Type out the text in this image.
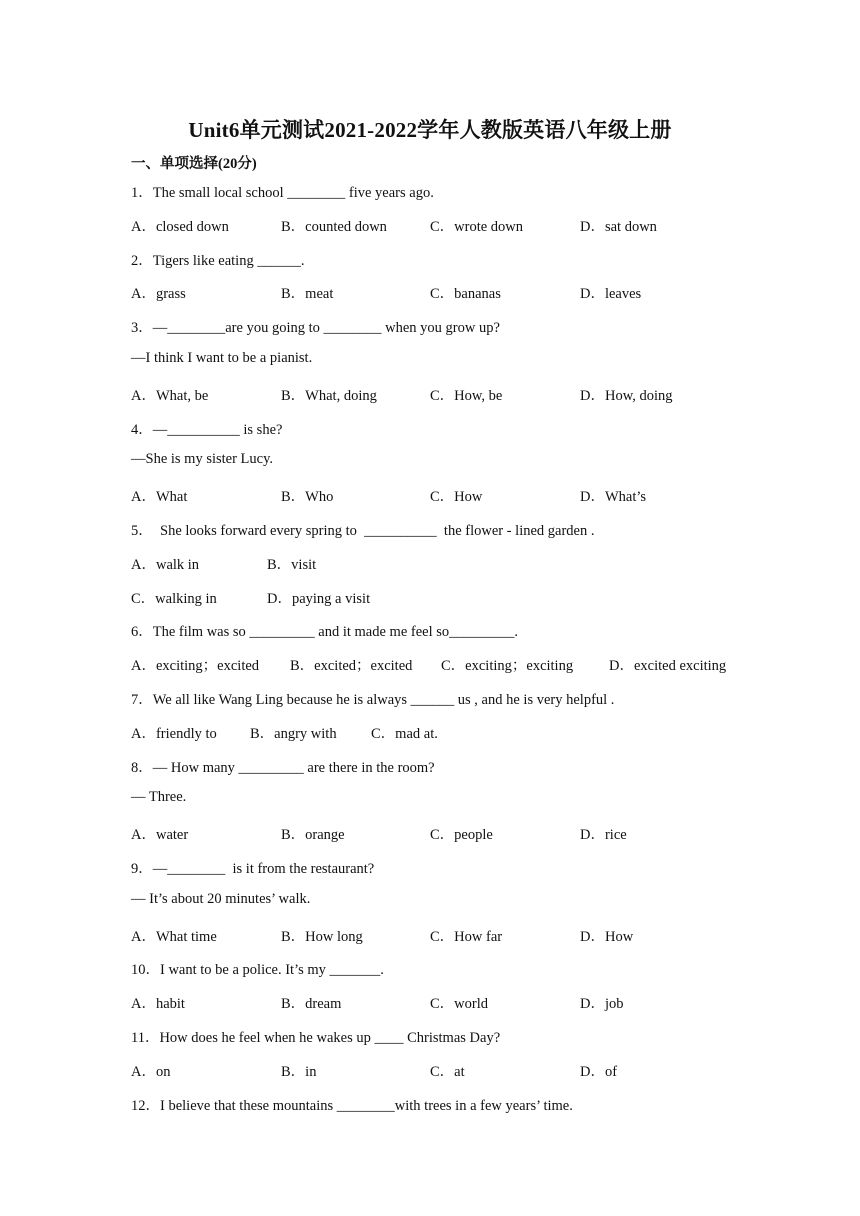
Unit6单元测试2021-2022学年人教版英语八年级上册
一、单项选择(20分)
1．The small local school ________ five years ago.
A．closed down	B．counted down	C．wrote down	D．sat down
2．Tigers like eating ______.
A．grass	B．meat	C．bananas	D．leaves
3．—________are you going to ________ when you grow up?
—I think I want to be a pianist.
A．What, be	B．What, doing	C．How, be	D．How, doing
4．—__________ is she?
—She is my sister Lucy.
A．What	B．Who	C．How	D．What’s
5．  She looks forward every spring to  __________  the flower - lined garden .
A．walk in	B．visit
C．walking in	D．paying a visit
6．The film was so _________ and it made me feel so_________.
A．exciting；excited B．excited；excited C．exciting；exciting D．excited exciting
7．We all like Wang Ling because he is always ______ us , and he is very helpful .
A．friendly to B．angry with C．mad at.
8．— How many _________ are there in the room?
— Three.
A．water	B．orange	C．people	D．rice
9．—________  is it from the restaurant?
— It’s about 20 minutes’ walk.
A．What time	B．How long	C．How far	D．How
10．I want to be a police. It’s my _______.
A．habit	B．dream	C．world	D．job
11．How does he feel when he wakes up ____ Christmas Day?
A．on	B．in	C．at	D．of
12．I believe that these mountains ________with trees in a few years’ time.
